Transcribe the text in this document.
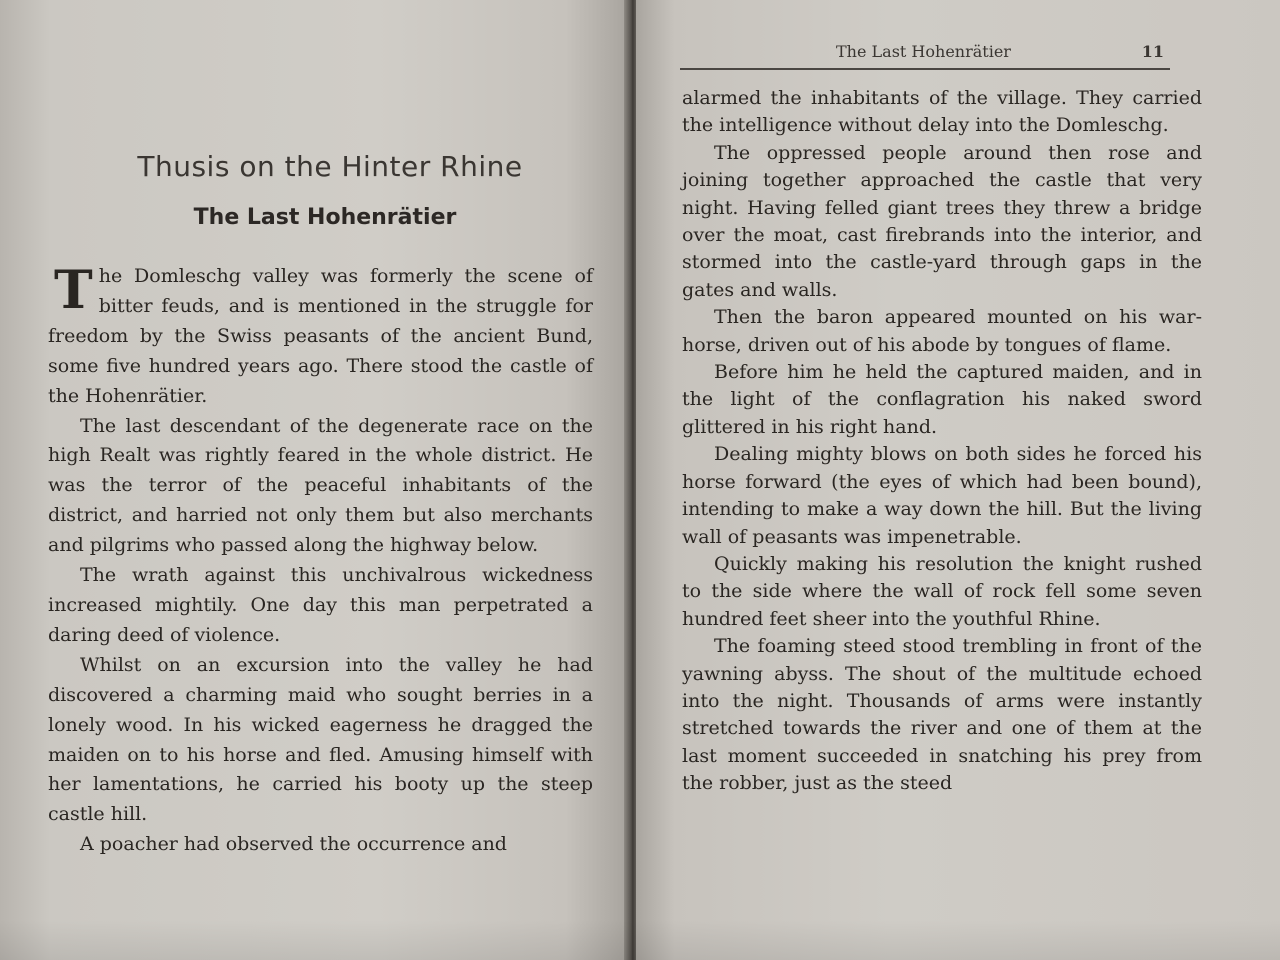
Thusis on the Hinter Rhine
The Last Hohenrätier

The Domleschg valley was formerly the scene of bitter feuds, and is mentioned in the struggle for freedom by the Swiss peasants of the ancient Bund, some five hundred years ago. There stood the castle of the Hohenrätier.

The last descendant of the degenerate race on the high Realt was rightly feared in the whole district. He was the terror of the peaceful inhabitants of the district, and harried not only them but also merchants and pilgrims who passed along the highway below.

The wrath against this unchivalrous wickedness increased mightily. One day this man perpetrated a daring deed of violence.

Whilst on an excursion into the valley he had discovered a charming maid who sought berries in a lonely wood. In his wicked eagerness he dragged the maiden on to his horse and fled. Amusing himself with her lamentations, he carried his booty up the steep castle hill.

A poacher had observed the occurrence and

The Last Hohenrätier	11

alarmed the inhabitants of the village. They carried the intelligence without delay into the Domleschg.

The oppressed people around then rose and joining together approached the castle that very night. Having felled giant trees they threw a bridge over the moat, cast firebrands into the interior, and stormed into the castle-yard through gaps in the gates and walls.

Then the baron appeared mounted on his war-horse, driven out of his abode by tongues of flame.

Before him he held the captured maiden, and in the light of the conflagration his naked sword glittered in his right hand.

Dealing mighty blows on both sides he forced his horse forward (the eyes of which had been bound), intending to make a way down the hill. But the living wall of peasants was impenetrable.

Quickly making his resolution the knight rushed to the side where the wall of rock fell some seven hundred feet sheer into the youthful Rhine.

The foaming steed stood trembling in front of the yawning abyss. The shout of the multitude echoed into the night. Thousands of arms were instantly stretched towards the river and one of them at the last moment succeeded in snatching his prey from the robber, just as the steed
